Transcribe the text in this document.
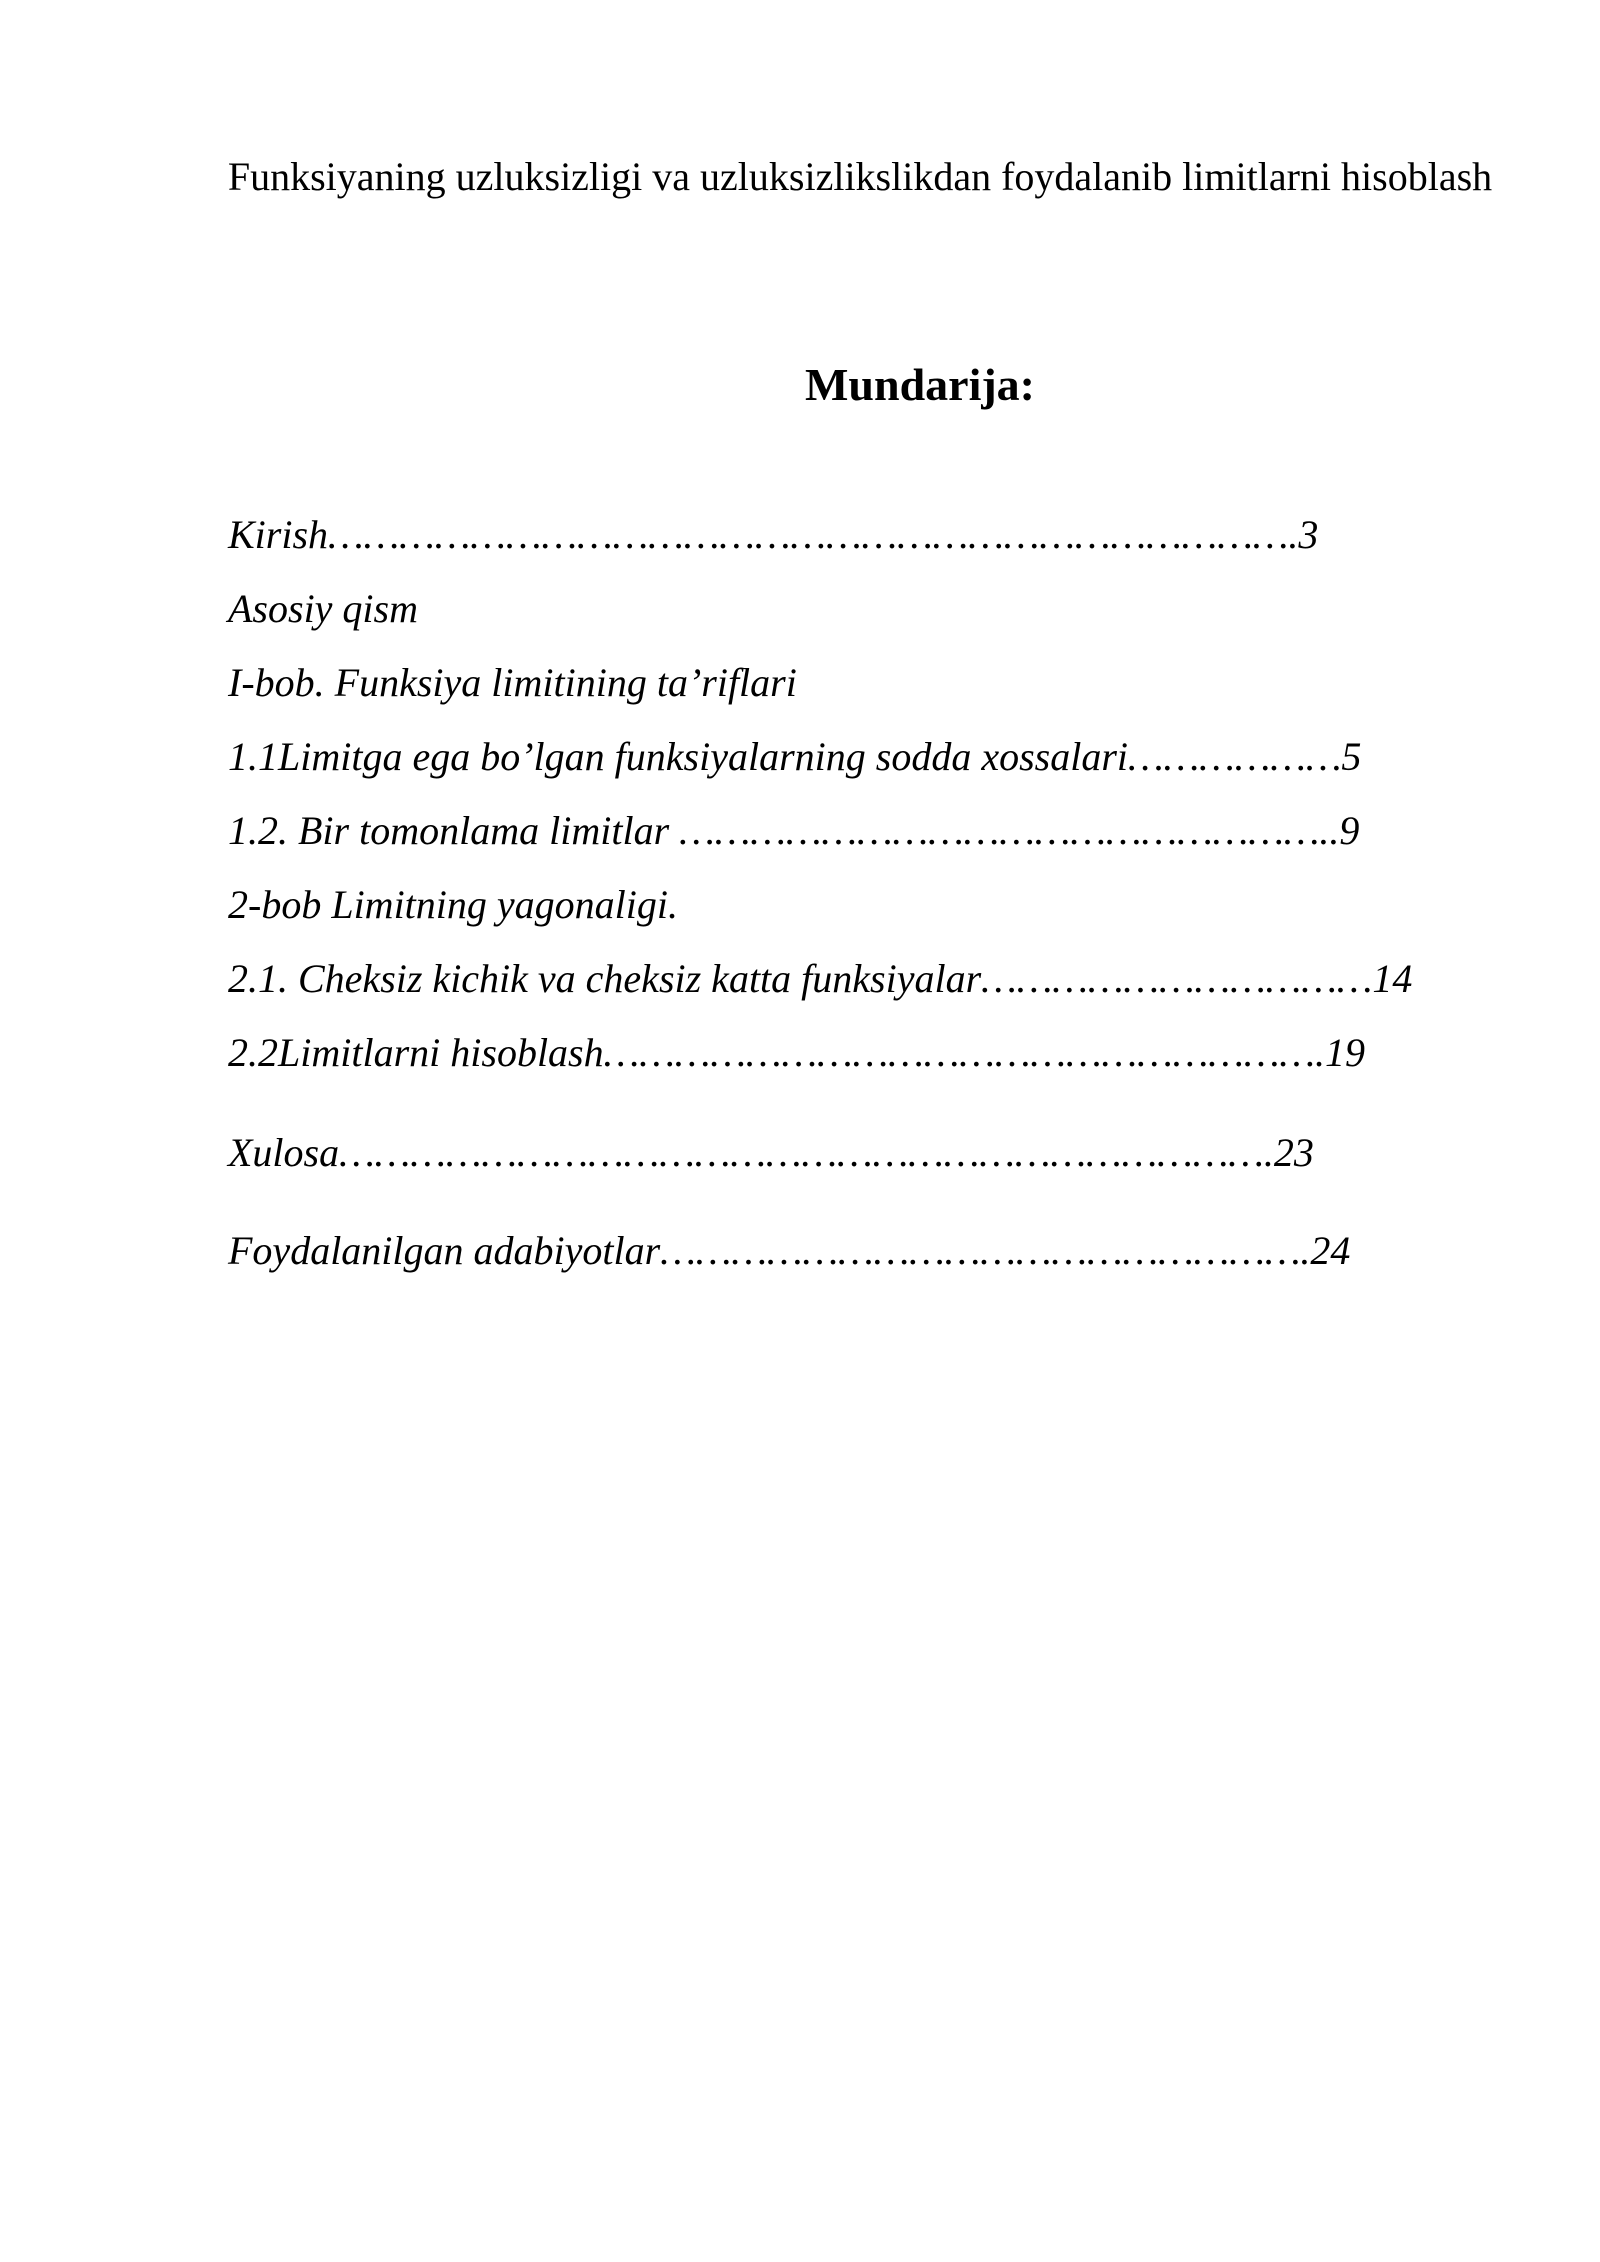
Funksiyaning uzluksizligi va uzluksizlikslikdan foydalanib limitlarni hisoblash
Mundarija:
Kirish……………………………………………………………………….3
Asosiy qism
I-bob. Funksiya limitining ta’riflari
1.1Limitga ega bo’lgan funksiyalarning sodda xossalari………………5
1.2. Bir tomonlama limitlar ………………………………………………..9
2-bob Limitning yagonaligi.
2.1. Cheksiz kichik va cheksiz katta funksiyalar……………………………14
2.2Limitlarni hisoblash…………………………………………………….19
Xulosa…………………………………………………………………….23
Foydalanilgan adabiyotlar……………………………………………….24
